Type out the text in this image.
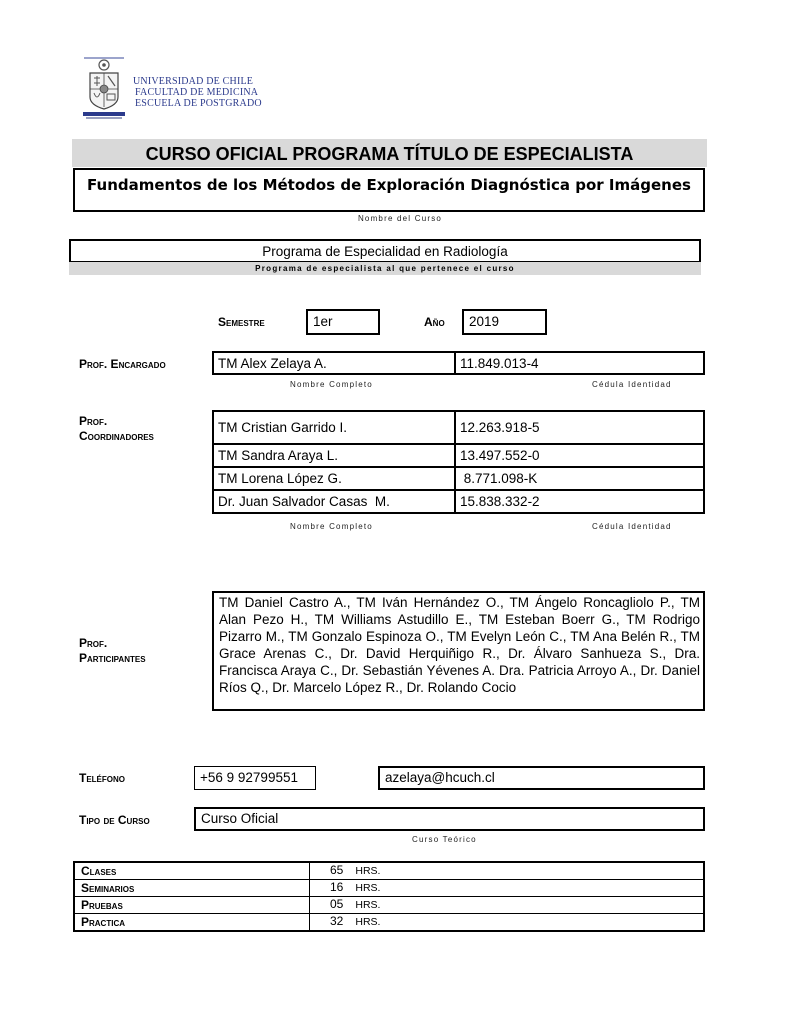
UNIVERSIDAD DE CHILE
FACULTAD DE MEDICINA
ESCUELA DE POSTGRADO
CURSO OFICIAL PROGRAMA TÍTULO DE ESPECIALISTA
Fundamentos de los Métodos de Exploración Diagnóstica por Imágenes
Nombre del Curso
Programa de Especialidad en Radiología
Programa de especialista al que pertenece el curso
Semestre	1er	Año	2019
Prof. Encargado	TM Alex Zelaya A.	11.849.013-4
Nombre Completo	Cédula Identidad
Prof.
Coordinadores
TM Cristian Garrido I.	12.263.918-5
TM Sandra Araya L.	13.497.552-0
TM Lorena López G.	8.771.098-K
Dr. Juan Salvador Casas  M.	15.838.332-2
Nombre Completo	Cédula Identidad
Prof.
Participantes
TM Daniel Castro A., TM Iván Hernández O., TM Ángelo Roncagliolo P., TM Alan Pezo H., TM Williams Astudillo E., TM Esteban Boerr G., TM Rodrigo Pizarro M., TM Gonzalo Espinoza O., TM Evelyn León C., TM Ana Belén R., TM Grace Arenas C., Dr. David Herquiñigo R., Dr. Álvaro Sanhueza S., Dra. Francisca Araya C., Dr. Sebastián Yévenes A. Dra. Patricia Arroyo A., Dr. Daniel Ríos Q., Dr. Marcelo López R., Dr. Rolando Cocio
Teléfono	+56 9 92799551	azelaya@hcuch.cl
Tipo de Curso	Curso Oficial
Curso Teórico
Clases	65 HRS.
Seminarios	16 HRS.
Pruebas	05 HRS.
Practica	32 HRS.
